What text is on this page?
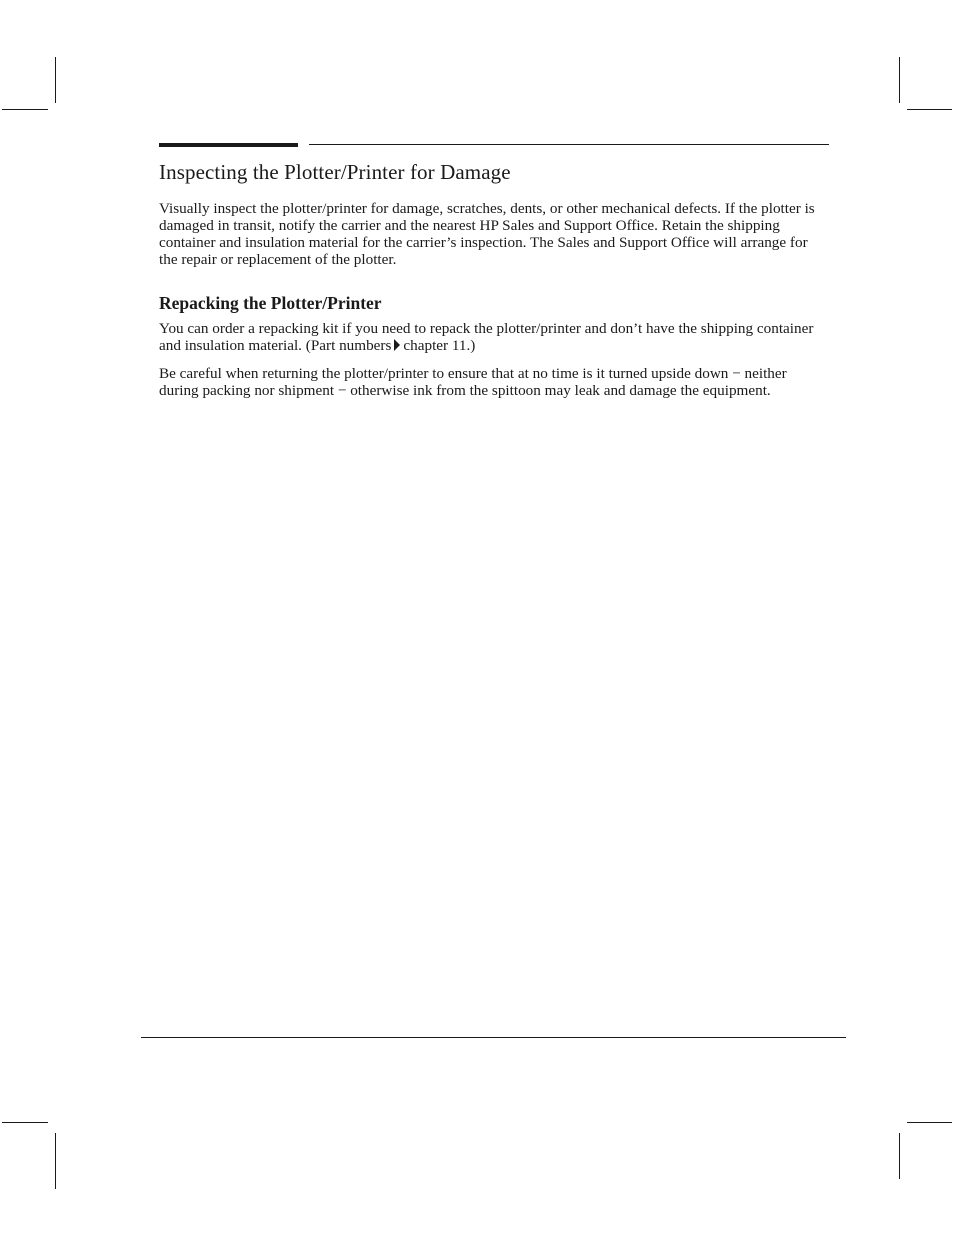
Inspecting the Plotter/Printer for Damage

Visually inspect the plotter/printer for damage, scratches, dents, or other mechanical defects. If the plotter is damaged in transit, notify the carrier and the nearest HP Sales and Support Office. Retain the shipping container and insulation material for the carrier’s inspection. The Sales and Support Office will arrange for the repair or replacement of the plotter.

Repacking the Plotter/Printer

You can order a repacking kit if you need to repack the plotter/printer and don’t have the shipping container and insulation material. (Part numbers chapter 11.)

Be careful when returning the plotter/printer to ensure that at no time is it turned upside down − neither during packing nor shipment − otherwise ink from the spittoon may leak and damage the equipment.
